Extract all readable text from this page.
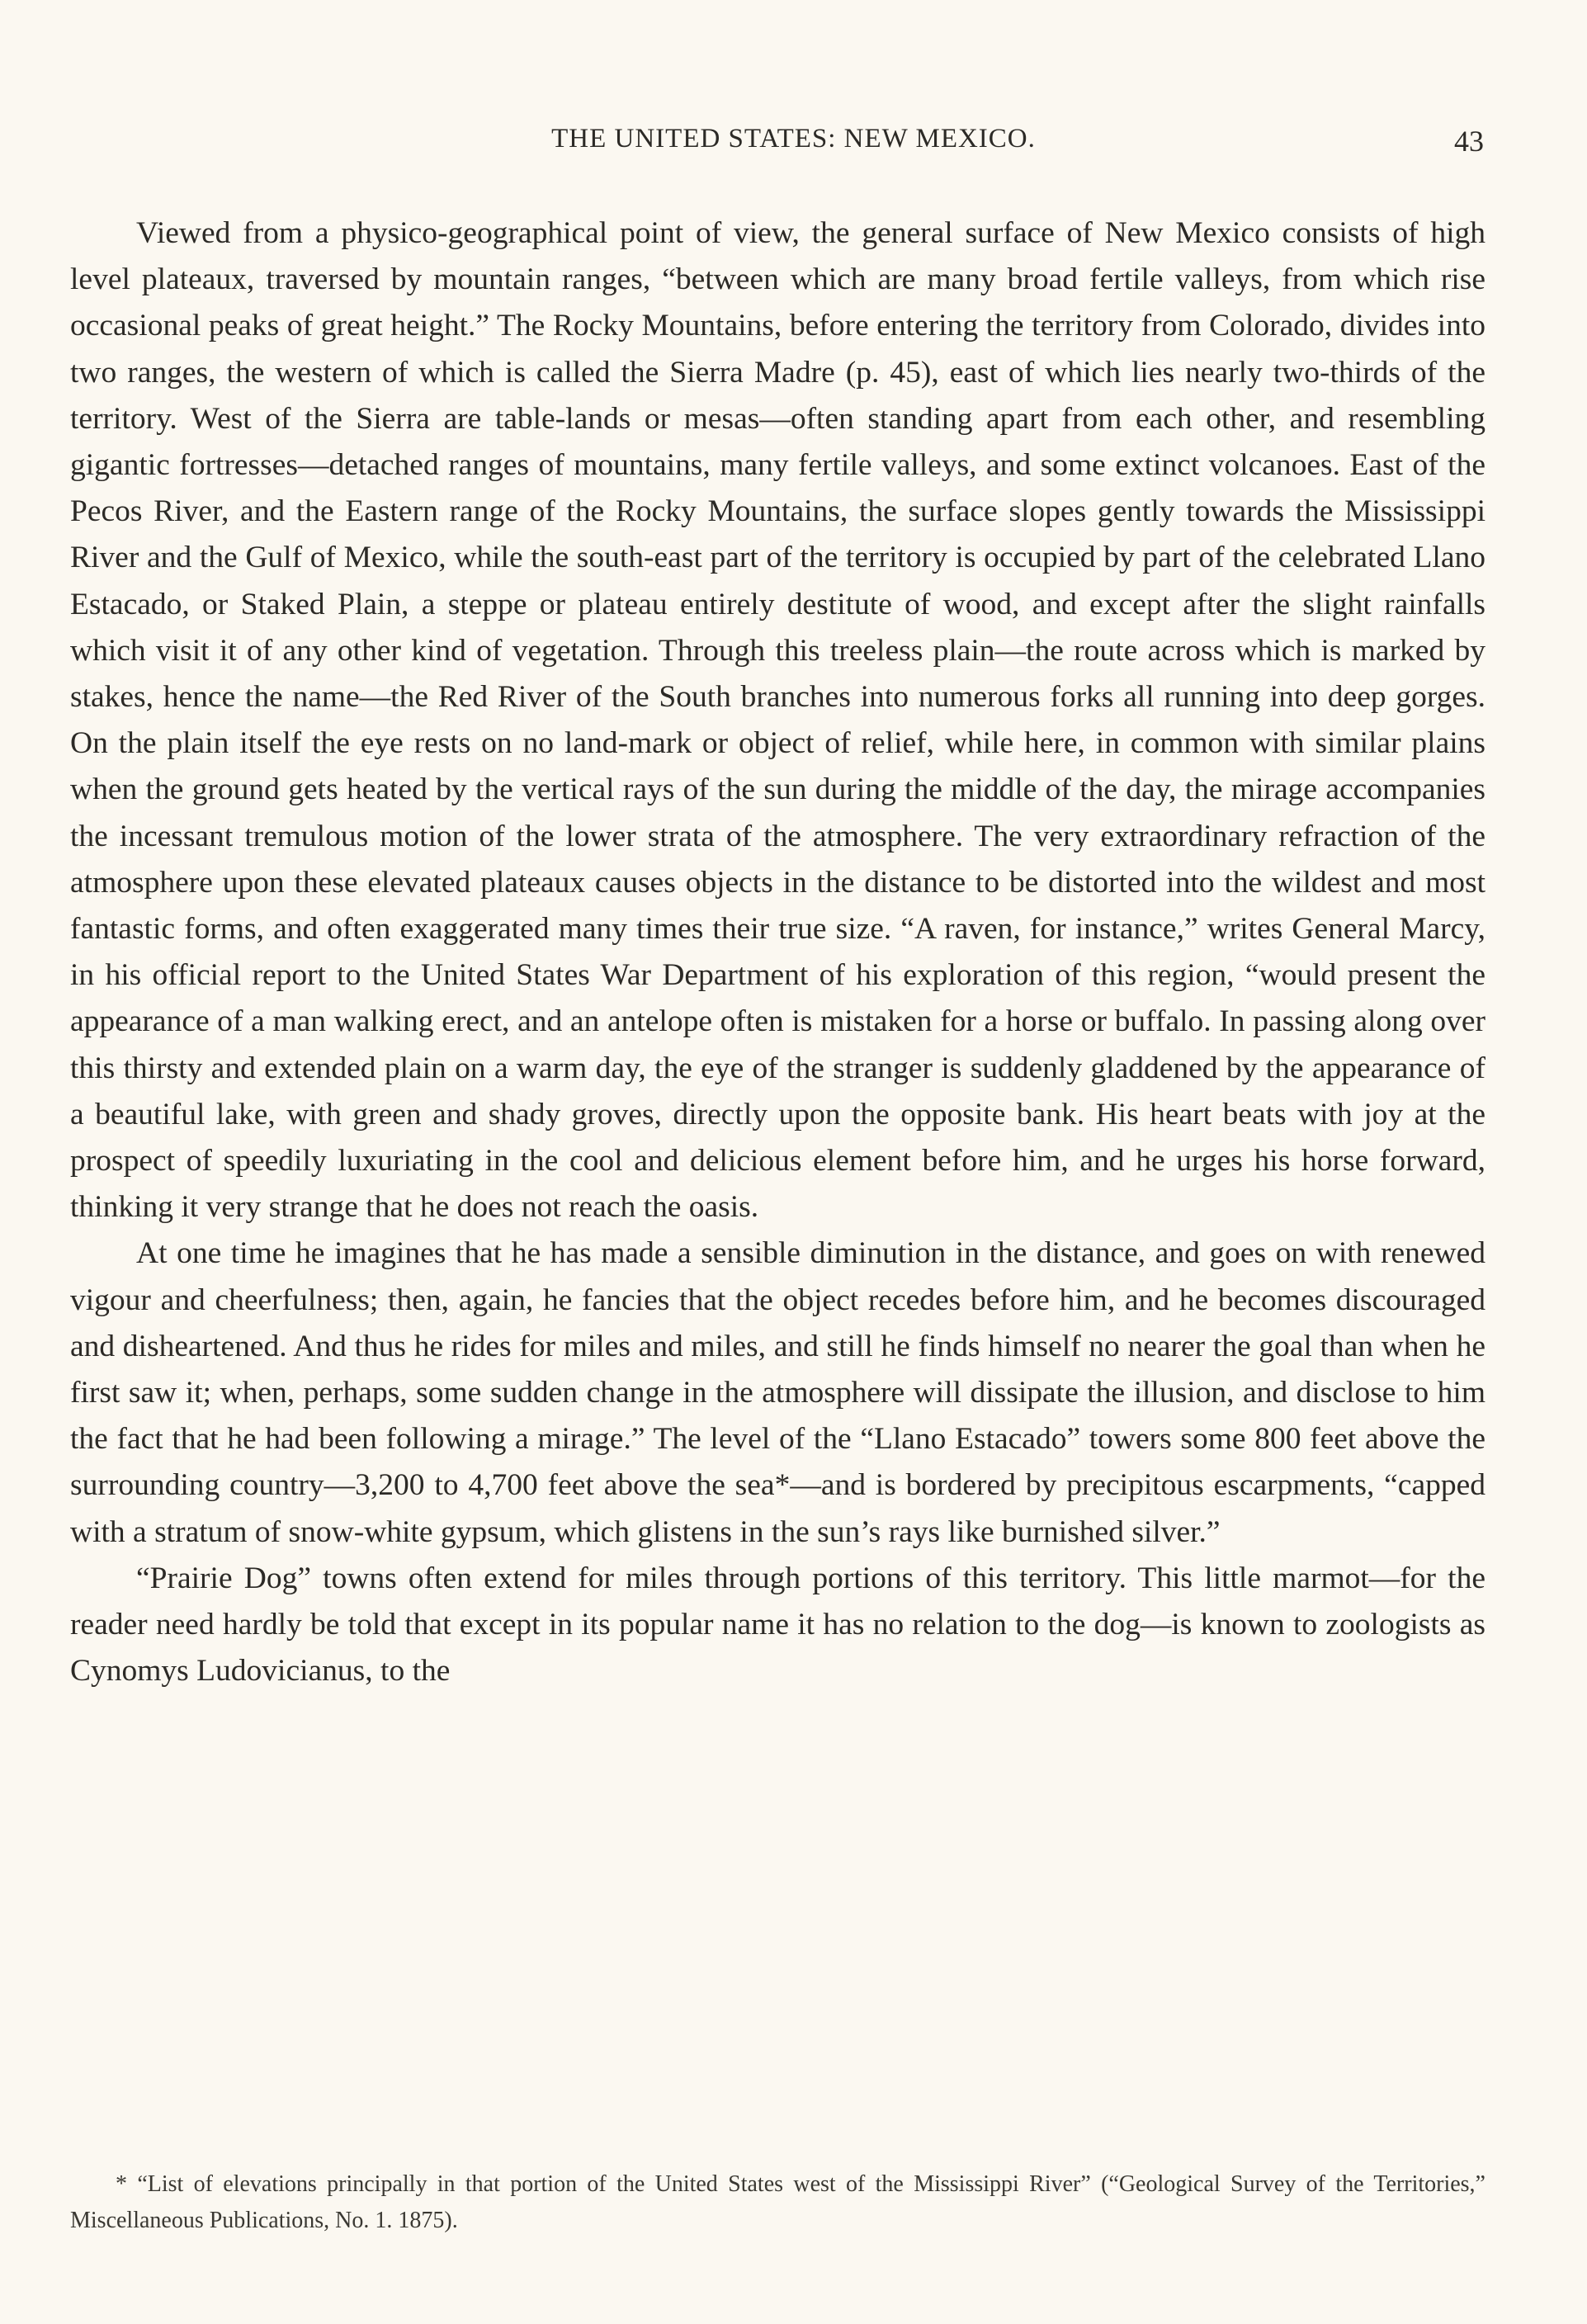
THE UNITED STATES: NEW MEXICO.	43

Viewed from a physico-geographical point of view, the general surface of New Mexico consists of high level plateaux, traversed by mountain ranges, “between which are many broad fertile valleys, from which rise occasional peaks of great height.” The Rocky Mountains, before entering the territory from Colorado, divides into two ranges, the western of which is called the Sierra Madre (p. 45), east of which lies nearly two-thirds of the territory. West of the Sierra are table-lands or mesas—often standing apart from each other, and resembling gigantic fortresses—detached ranges of mountains, many fertile valleys, and some extinct volcanoes. East of the Pecos River, and the Eastern range of the Rocky Mountains, the surface slopes gently towards the Mississippi River and the Gulf of Mexico, while the south-east part of the territory is occupied by part of the celebrated Llano Estacado, or Staked Plain, a steppe or plateau entirely destitute of wood, and except after the slight rainfalls which visit it of any other kind of vegetation. Through this treeless plain—the route across which is marked by stakes, hence the name—the Red River of the South branches into numerous forks all running into deep gorges. On the plain itself the eye rests on no land-mark or object of relief, while here, in common with similar plains when the ground gets heated by the vertical rays of the sun during the middle of the day, the mirage accompanies the incessant tremulous motion of the lower strata of the atmosphere. The very extraordinary refraction of the atmosphere upon these elevated plateaux causes objects in the distance to be distorted into the wildest and most fantastic forms, and often exaggerated many times their true size. “A raven, for instance,” writes General Marcy, in his official report to the United States War Department of his exploration of this region, “would present the appearance of a man walking erect, and an antelope often is mistaken for a horse or buffalo. In passing along over this thirsty and extended plain on a warm day, the eye of the stranger is suddenly gladdened by the appearance of a beautiful lake, with green and shady groves, directly upon the opposite bank. His heart beats with joy at the prospect of speedily luxuriating in the cool and delicious element before him, and he urges his horse forward, thinking it very strange that he does not reach the oasis.

At one time he imagines that he has made a sensible diminution in the distance, and goes on with renewed vigour and cheerfulness; then, again, he fancies that the object recedes before him, and he becomes discouraged and disheartened. And thus he rides for miles and miles, and still he finds himself no nearer the goal than when he first saw it; when, perhaps, some sudden change in the atmosphere will dissipate the illusion, and disclose to him the fact that he had been following a mirage.” The level of the “Llano Estacado” towers some 800 feet above the surrounding country—3,200 to 4,700 feet above the sea*—and is bordered by precipitous escarpments, “capped with a stratum of snow-white gypsum, which glistens in the sun’s rays like burnished silver.”

“Prairie Dog” towns often extend for miles through portions of this territory. This little marmot—for the reader need hardly be told that except in its popular name it has no relation to the dog—is known to zoologists as Cynomys Ludovicianus, to the

* “List of elevations principally in that portion of the United States west of the Mississippi River” (“Geological Survey of the Territories,” Miscellaneous Publications, No. 1. 1875).
